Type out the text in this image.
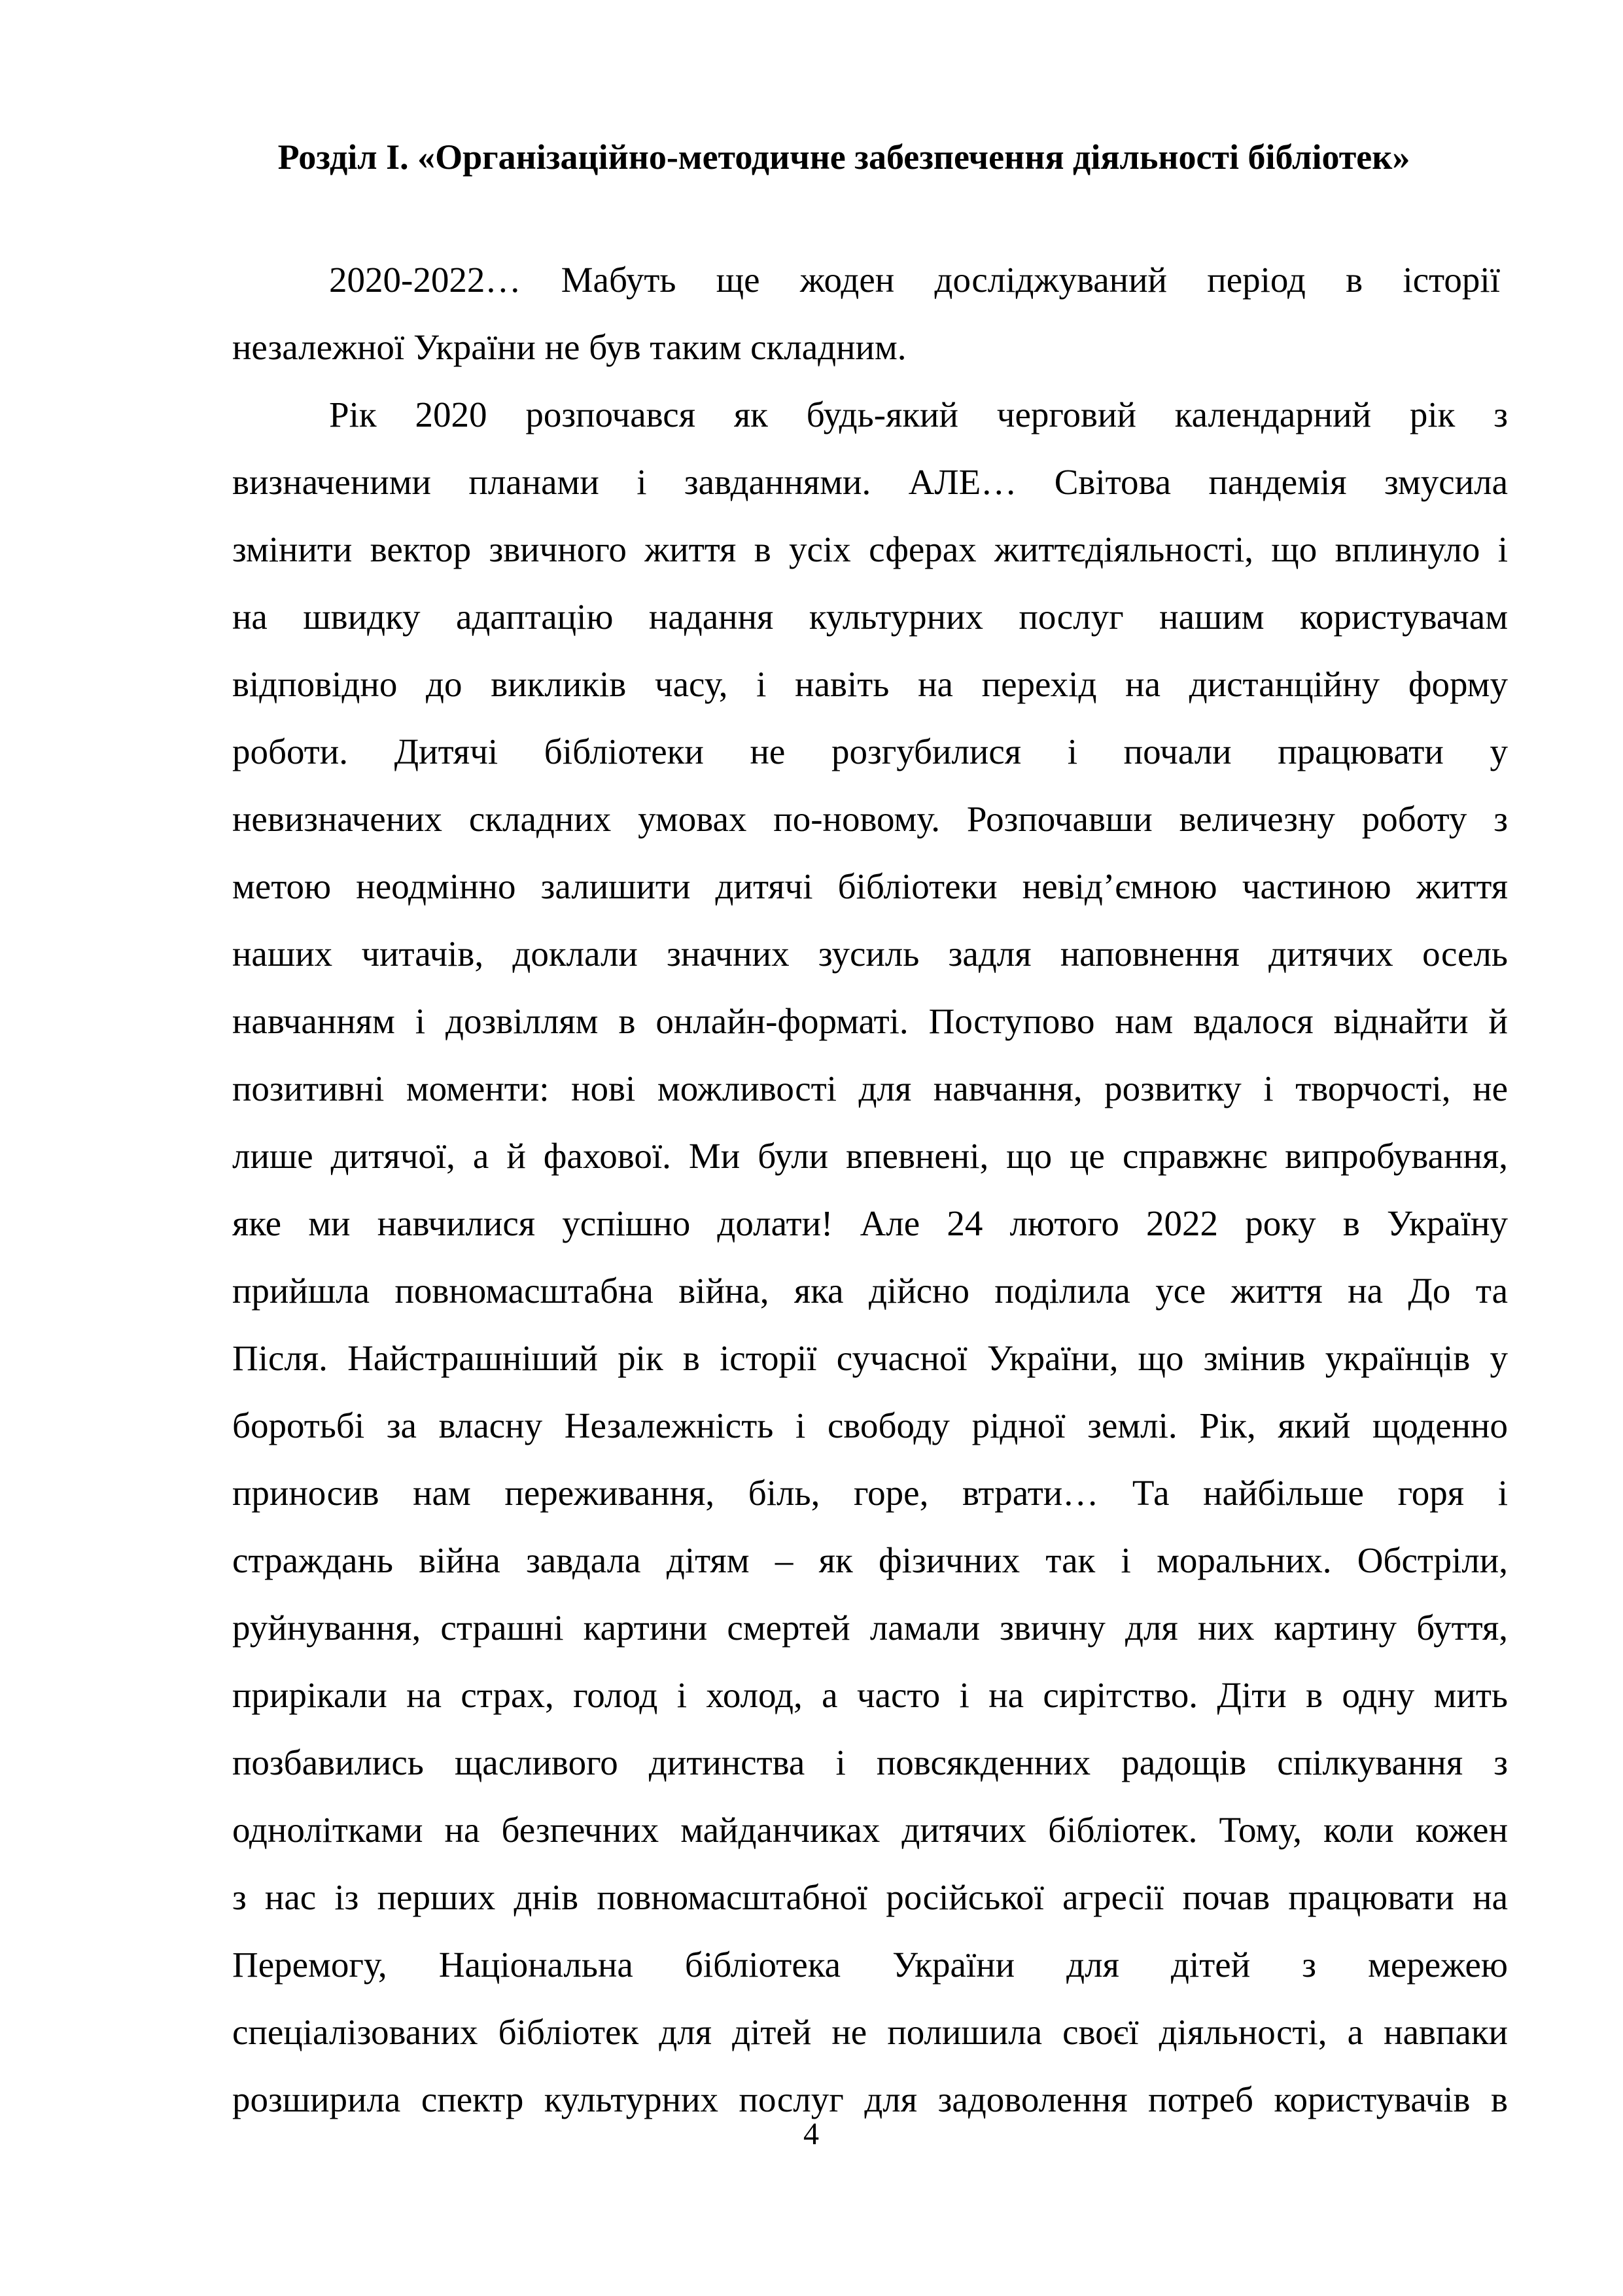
Розділ І. «Організаційно-методичне забезпечення діяльності бібліотек»
2020-2022… Мабуть ще жоден досліджуваний період в історії
незалежної України не був таким складним.
Рік 2020 розпочався як будь-який черговий календарний рік з
визначеними планами і завданнями. АЛЕ… Світова пандемія змусила
змінити вектор звичного життя в усіх сферах життєдіяльності, що вплинуло і
на швидку адаптацію надання культурних послуг нашим користувачам
відповідно до викликів часу, і навіть на перехід на дистанційну форму
роботи. Дитячі бібліотеки не розгубилися і почали працювати у
невизначених складних умовах по-новому. Розпочавши величезну роботу з
метою неодмінно залишити дитячі бібліотеки невід’ємною частиною життя
наших читачів, доклали значних зусиль задля наповнення дитячих осель
навчанням і дозвіллям в онлайн-форматі. Поступово нам вдалося віднайти й
позитивні моменти: нові можливості для навчання, розвитку і творчості, не
лише дитячої, а й фахової. Ми були впевнені, що це справжнє випробування,
яке ми навчилися успішно долати! Але 24 лютого 2022 року в Україну
прийшла повномасштабна війна, яка дійсно поділила усе життя на До та
Після. Найстрашніший рік в історії сучасної України, що змінив українців у
боротьбі за власну Незалежність і свободу рідної землі. Рік, який щоденно
приносив нам переживання, біль, горе, втрати… Та найбільше горя і
страждань війна завдала дітям – як фізичних так і моральних. Обстріли,
руйнування, страшні картини смертей ламали звичну для них картину буття,
прирікали на страх, голод і холод, а часто і на сирітство. Діти в одну мить
позбавились щасливого дитинства і повсякденних радощів спілкування з
однолітками на безпечних майданчиках дитячих бібліотек. Тому, коли кожен
з нас із перших днів повномасштабної російської агресії почав працювати на
Перемогу, Національна бібліотека України для дітей з мережею
спеціалізованих бібліотек для дітей не полишила своєї діяльності, а навпаки
розширила спектр культурних послуг для задоволення потреб користувачів в
4
